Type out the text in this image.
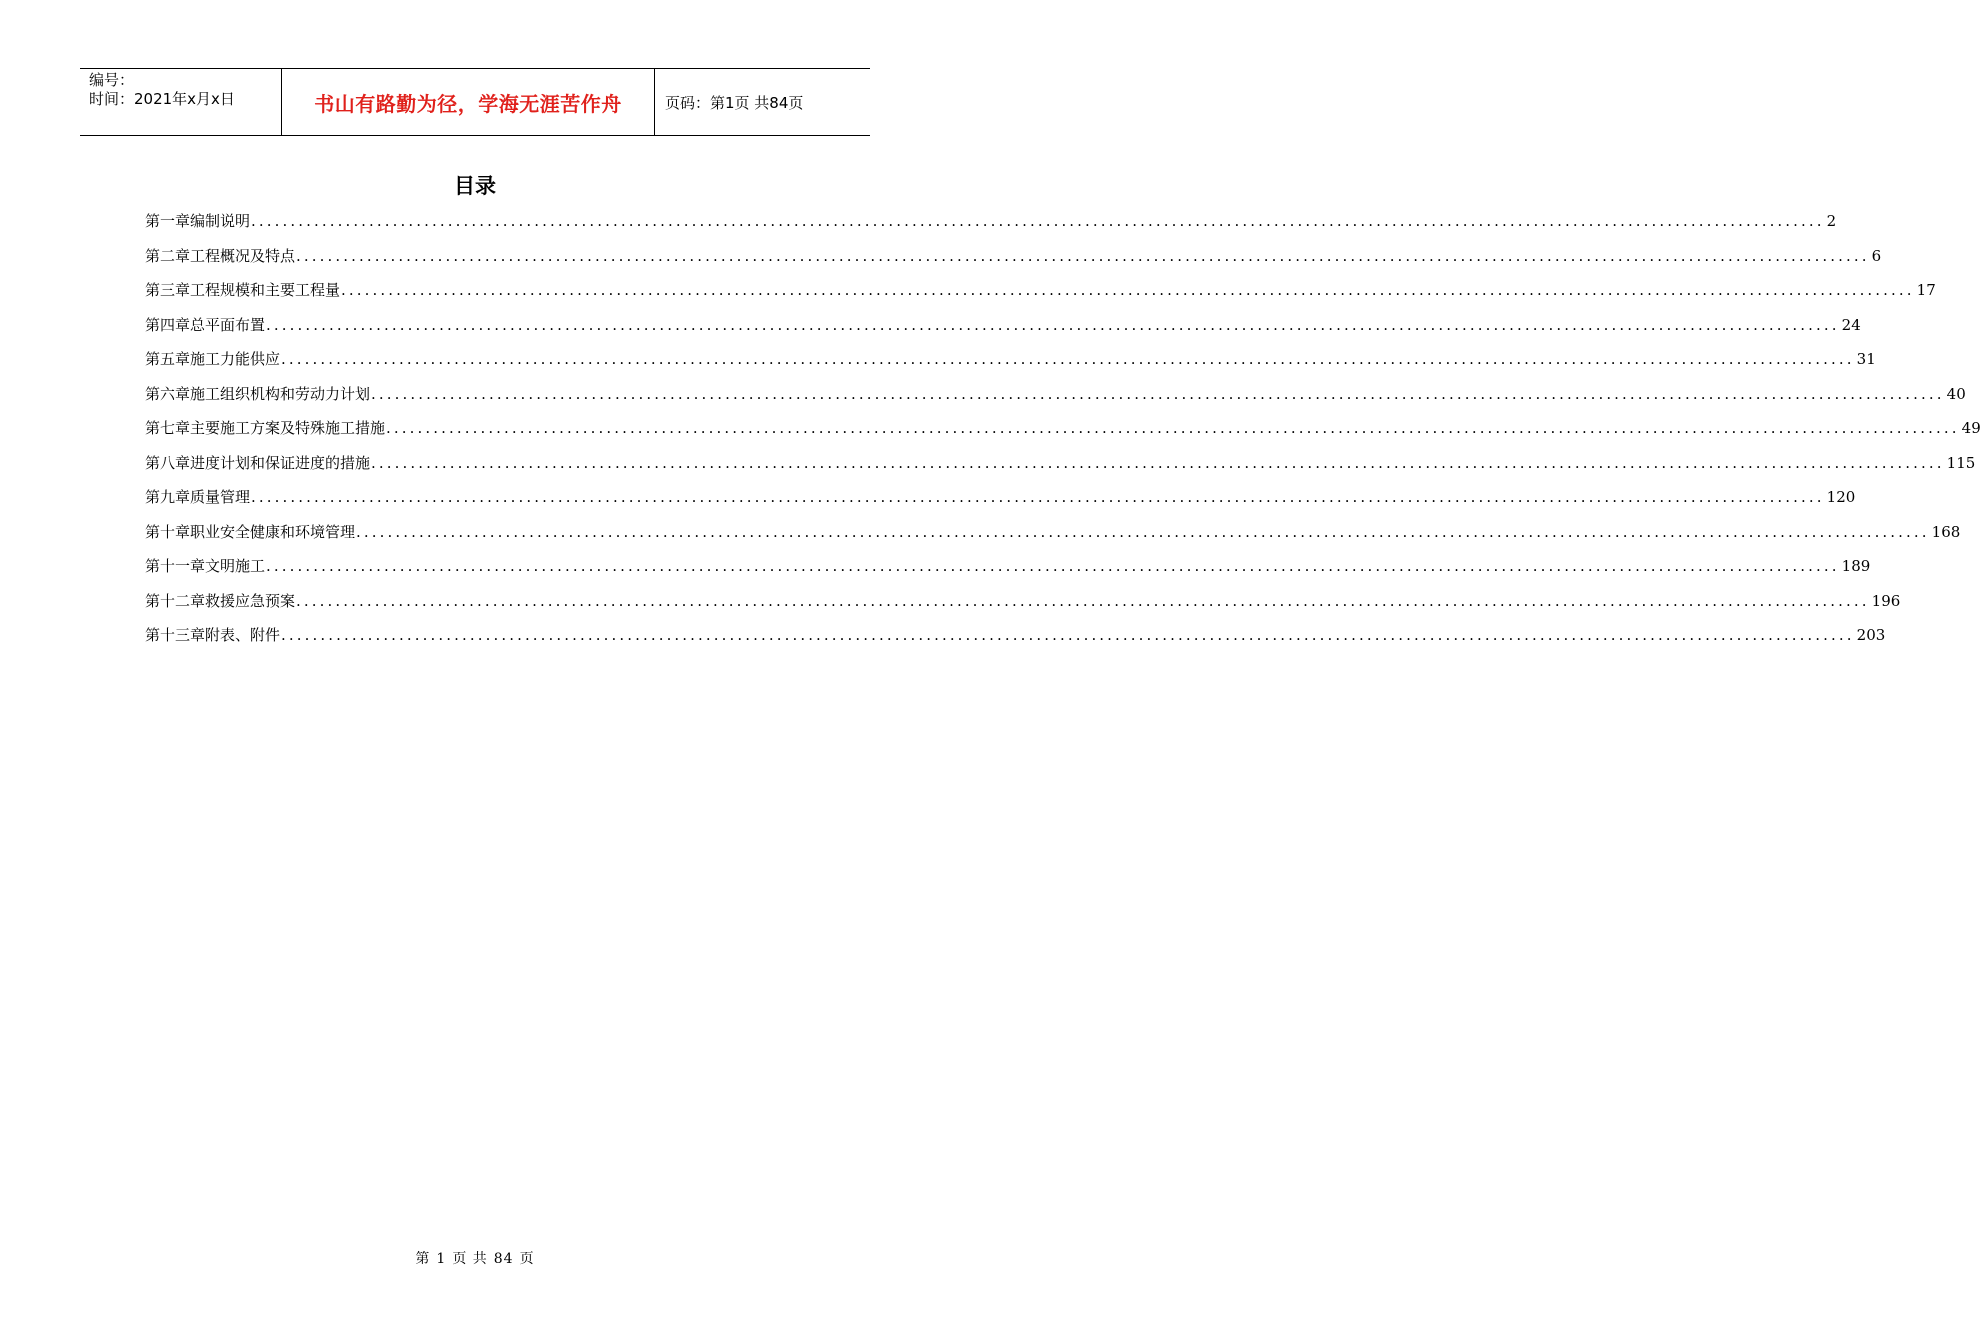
编号：
时间：2021年x月x日	书山有路勤为径，学海无涯苦作舟	页码：第1页 共84页
目录
第一章 编制说明 ........................................................................................................................................................................................................ 2
第二章 工程概况及特点 ........................................................................................................................................................................................................ 6
第三章 工程规模和主要工程量 ........................................................................................................................................................................................................ 17
第四章 总平面布置 ........................................................................................................................................................................................................ 24
第五章 施工力能供应 ........................................................................................................................................................................................................ 31
第六章 施工组织机构和劳动力计划 ........................................................................................................................................................................................................ 40
第七章 主要施工方案及特殊施工措施 ........................................................................................................................................................................................................ 49
第八章 进度计划和保证进度的措施 ........................................................................................................................................................................................................ 115
第九章 质量管理 ........................................................................................................................................................................................................ 120
第十章 职业安全健康和环境管理 ........................................................................................................................................................................................................ 168
第十一章 文明施工 ........................................................................................................................................................................................................ 189
第十二章 救援应急预案 ........................................................................................................................................................................................................ 196
第十三章 附表、附件 ........................................................................................................................................................................................................ 203
第 1 页 共 84 页
